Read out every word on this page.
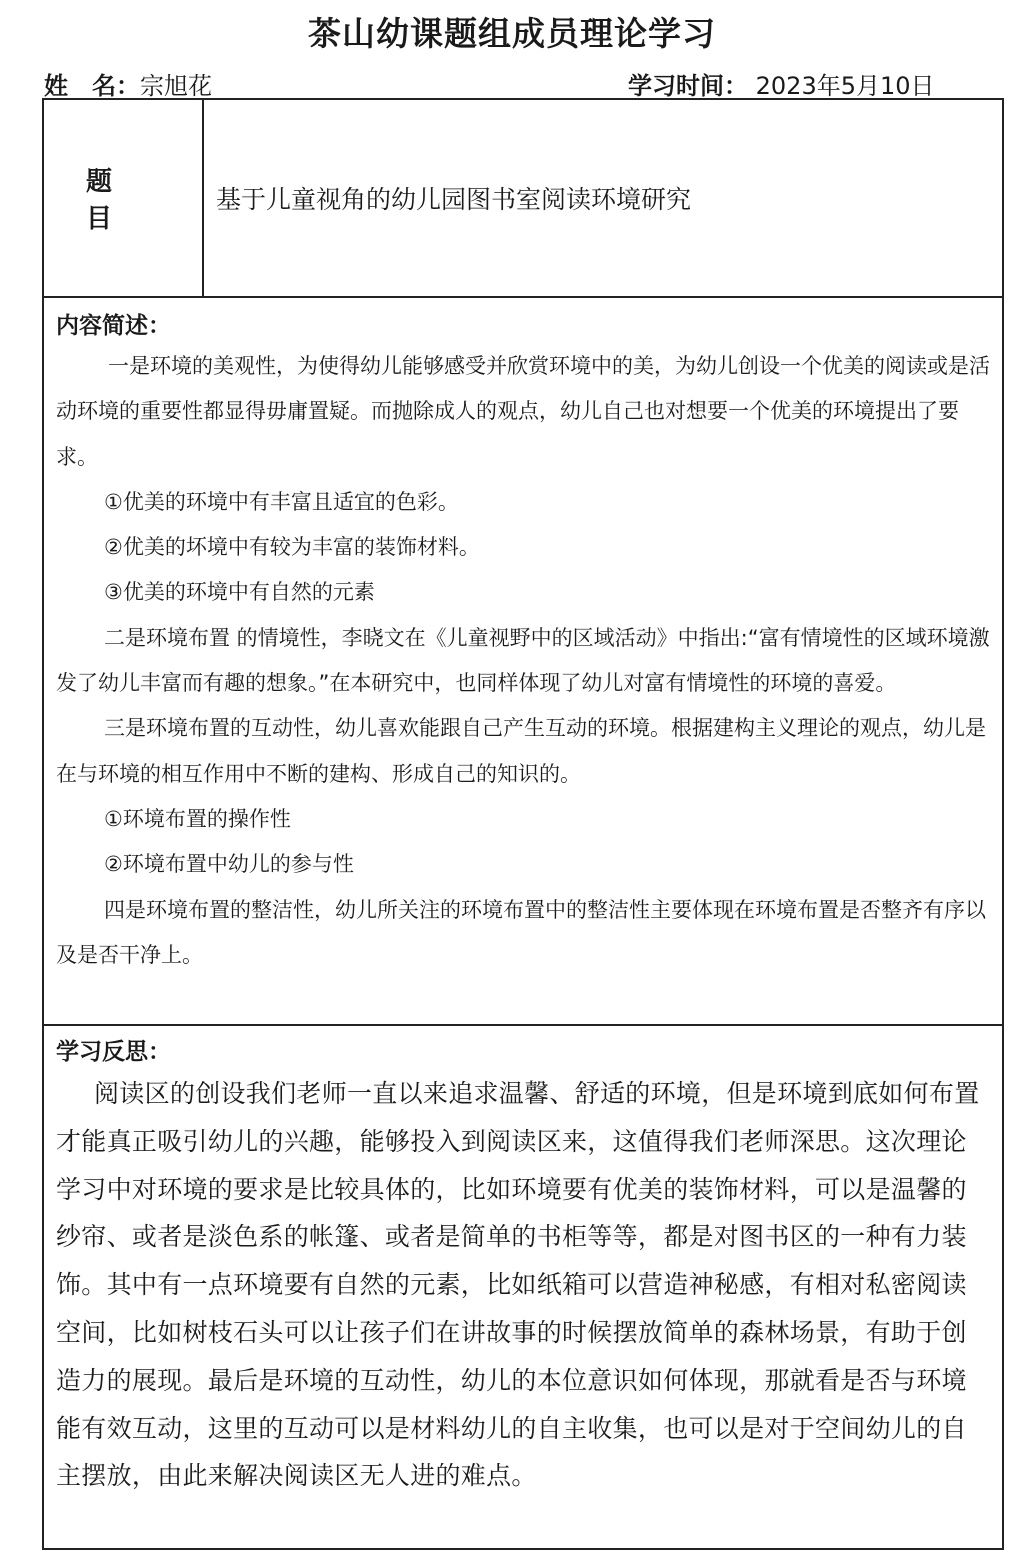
茶山幼课题组成员理论学习
姓　名：宗旭花	学习时间： 2023年5月10日
题目
基于儿童视角的幼儿园图书室阅读环境研究
内容简述：

一是环境的美观性，为使得幼儿能够感受并欣赏环境中的美，为幼儿创设一个优美的阅读或是活动环境的重要性都显得毋庸置疑。而抛除成人的观点，幼儿自己也对想要一个优美的环境提出了要求。

①优美的环境中有丰富且适宜的色彩。

②优美的坏境中有较为丰富的装饰材料。

③优美的环境中有自然的元素

二是环境布置 的情境性，李晓文在《儿童视野中的区域活动》中指出:“富有情境性的区域环境激发了幼儿丰富而有趣的想象。”在本研究中，也同样体现了幼儿对富有情境性的环境的喜爱。

三是环境布置的互动性，幼儿喜欢能跟自己产生互动的环境。根据建构主义理论的观点，幼儿是在与环境的相互作用中不断的建构、形成自己的知识的。

①环境布置的操作性

②环境布置中幼儿的参与性

四是环境布置的整洁性，幼儿所关注的环境布置中的整洁性主要体现在环境布置是否整齐有序以及是否干净上。

学习反思：

阅读区的创设我们老师一直以来追求温馨、舒适的环境，但是环境到底如何布置才能真正吸引幼儿的兴趣，能够投入到阅读区来，这值得我们老师深思。这次理论学习中对环境的要求是比较具体的，比如环境要有优美的装饰材料，可以是温馨的纱帘、或者是淡色系的帐篷、或者是简单的书柜等等，都是对图书区的一种有力装饰。其中有一点环境要有自然的元素，比如纸箱可以营造神秘感，有相对私密阅读空间，比如树枝石头可以让孩子们在讲故事的时候摆放简单的森林场景，有助于创造力的展现。最后是环境的互动性，幼儿的本位意识如何体现，那就看是否与环境能有效互动，这里的互动可以是材料幼儿的自主收集，也可以是对于空间幼儿的自主摆放，由此来解决阅读区无人进的难点。
